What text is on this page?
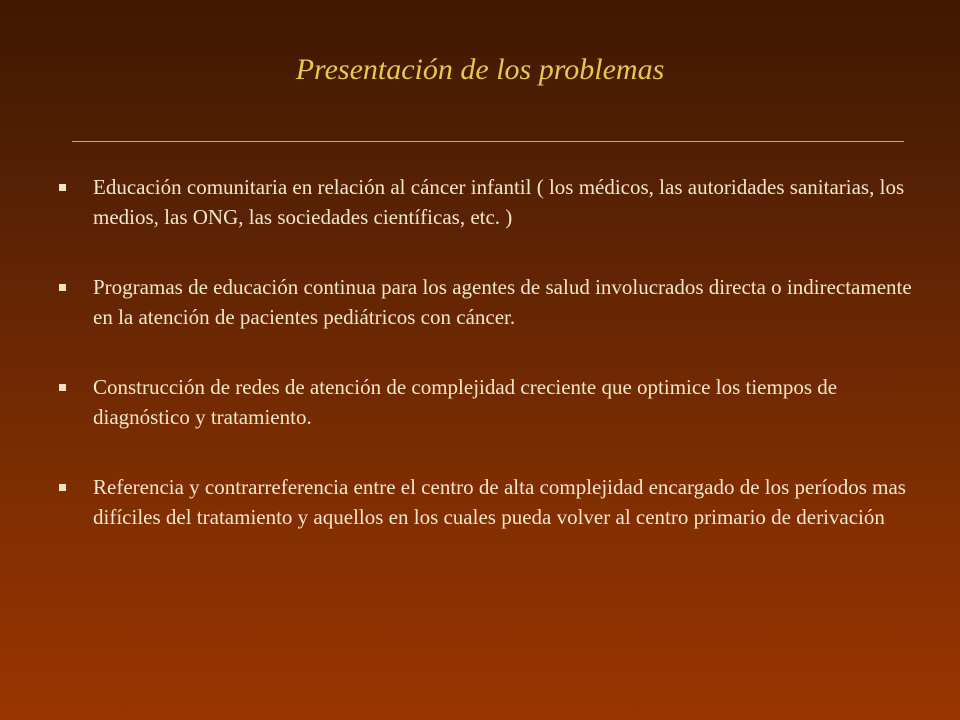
Presentación de los problemas
Educación comunitaria en relación al cáncer infantil ( los médicos, las autoridades sanitarias, los medios, las ONG, las sociedades científicas, etc. )
Programas de educación continua para los agentes de salud involucrados directa o indirectamente en la atención de pacientes pediátricos con cáncer.
Construcción de redes de atención de complejidad creciente que optimice los tiempos de diagnóstico y tratamiento.
Referencia y contrarreferencia entre el centro de alta complejidad encargado de los períodos mas difíciles del tratamiento y aquellos en los cuales pueda volver al centro primario de derivación
